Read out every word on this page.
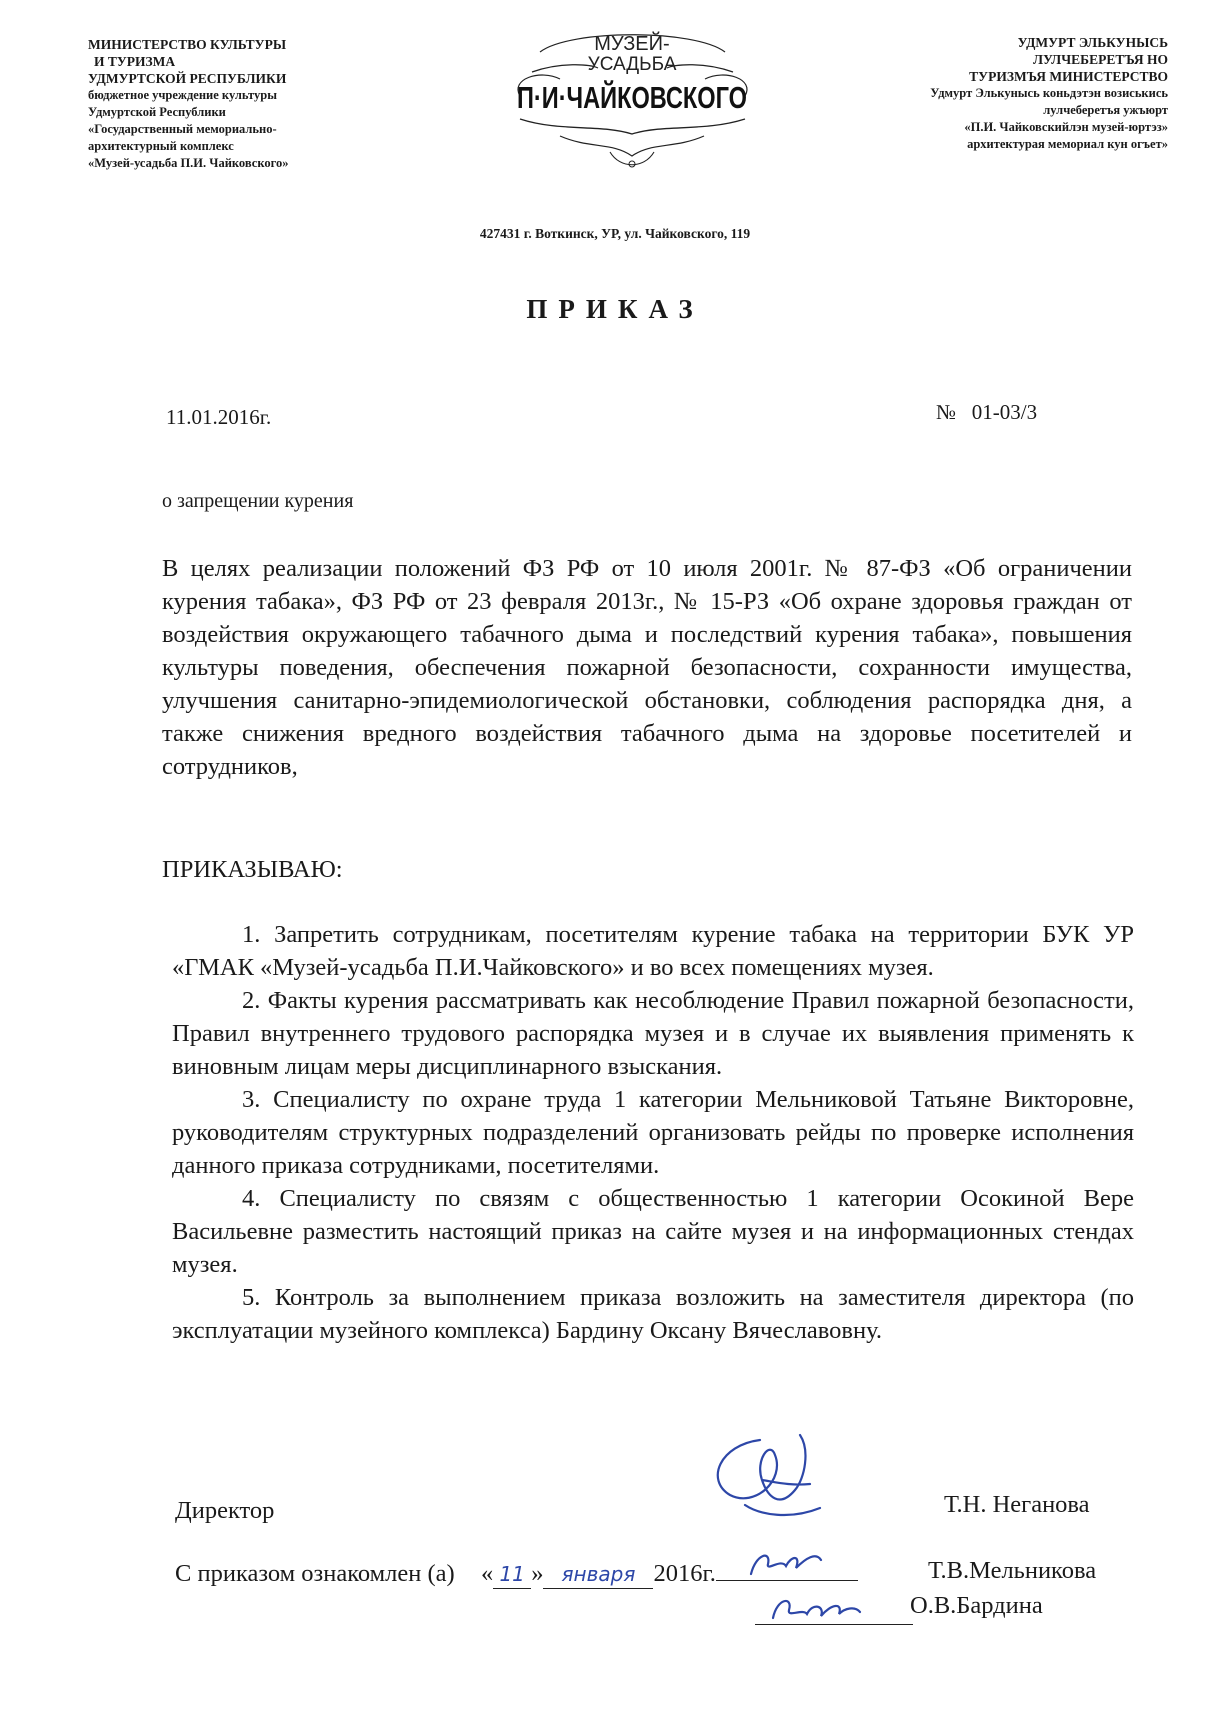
МИНИСТЕРСТВО КУЛЬТУРЫ
И ТУРИЗМА
УДМУРТСКОЙ РЕСПУБЛИКИ
бюджетное учреждение культуры
Удмуртской Республики
«Государственный мемориально-
архитектурный комплекс
«Музей-усадьба П.И. Чайковского»
МУЗЕЙ-
УСАДЬБА
П·И·ЧАЙКОВСКОГО
УДМУРТ ЭЛЬКУНЫСЬ
ЛУЛЧЕБЕРЕТЪЯ НО
ТУРИЗМЪЯ МИНИСТЕРСТВО
Удмурт Элькунысь коньдэтэн возиськись
лулчеберетъя ужъюрт
«П.И. Чайковскийлэн музей-юртэз»
архитектурая мемориал кун огъет»
427431 г. Воткинск, УР, ул. Чайковского, 119
ПРИКАЗ
11.01.2016г.	№   01-03/3
о запрещении курения
В целях реализации положений ФЗ РФ от 10 июля 2001г. № 87-ФЗ «Об ограничении курения табака», ФЗ РФ от 23 февраля 2013г., № 15-РЗ «Об охране здоровья граждан от воздействия окружающего табачного дыма и последствий курения табака», повышения культуры поведения, обеспечения пожарной безопасности, сохранности имущества, улучшения санитарно-эпидемиологической обстановки, соблюдения распорядка дня, а также снижения вредного воздействия табачного дыма на здоровье посетителей и сотрудников,
ПРИКАЗЫВАЮ:

1. Запретить сотрудникам, посетителям курение табака на территории БУК УР «ГМАК «Музей-усадьба П.И.Чайковского» и во всех помещениях музея.

2. Факты курения рассматривать как несоблюдение Правил пожарной безопасности, Правил внутреннего трудового распорядка музея и в случае их выявления применять к виновным лицам меры дисциплинарного взыскания.

3. Специалисту по охране труда 1 категории Мельниковой Татьяне Викторовне, руководителям структурных подразделений организовать рейды по проверке исполнения данного приказа сотрудниками, посетителями.

4. Специалисту по связям с общественностью 1 категории Осокиной Вере Васильевне разместить настоящий приказ на сайте музея и на информационных стендах музея.

5. Контроль за выполнением приказа возложить на заместителя директора (по эксплуатации музейного комплекса) Бардину Оксану Вячеславовну.

Директор	Т.Н. Неганова
С приказом ознакомлен (а) « 11 » января 2016г.	Т.В.Мельникова
О.В.Бардина
